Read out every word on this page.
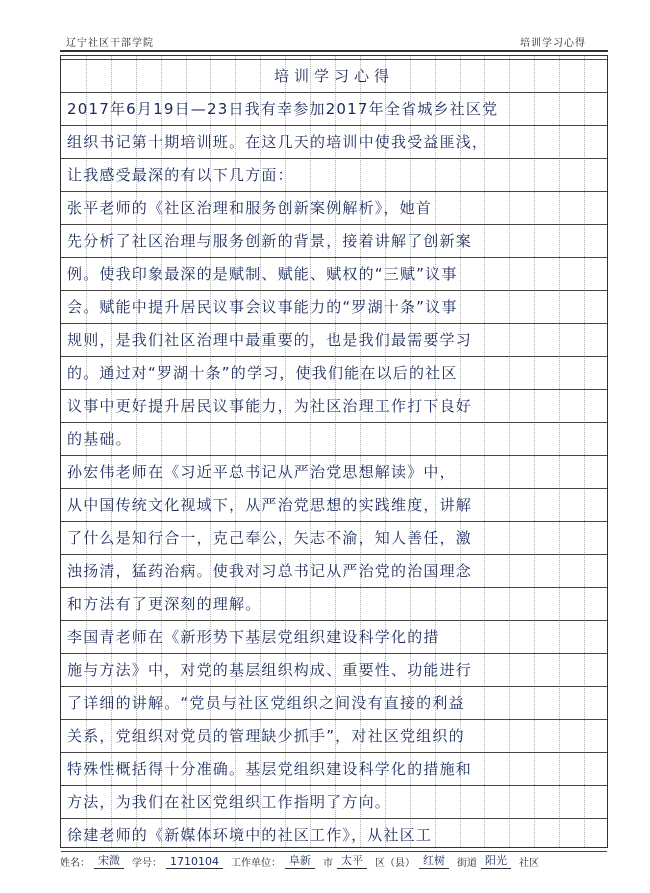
辽宁社区干部学院	培训学习心得
培训学习心得
2017年6月19日—23日我有幸参加2017年全省城乡社区党
组织书记第十期培训班。在这几天的培训中使我受益匪浅，
让我感受最深的有以下几方面：
张平老师的《社区治理和服务创新案例解析》，她首
先分析了社区治理与服务创新的背景，接着讲解了创新案
例。使我印象最深的是赋制、赋能、赋权的“三赋”议事
会。赋能中提升居民议事会议事能力的“罗湖十条”议事
规则，是我们社区治理中最重要的，也是我们最需要学习
的。通过对“罗湖十条”的学习，使我们能在以后的社区
议事中更好提升居民议事能力，为社区治理工作打下良好
的基础。
孙宏伟老师在《习近平总书记从严治党思想解读》中，
从中国传统文化视域下，从严治党思想的实践维度，讲解
了什么是知行合一，克己奉公，矢志不渝，知人善任，激
浊扬清，猛药治病。使我对习总书记从严治党的治国理念
和方法有了更深刻的理解。
李国青老师在《新形势下基层党组织建设科学化的措
施与方法》中，对党的基层组织构成、重要性、功能进行
了详细的讲解。“党员与社区党组织之间没有直接的利益
关系，党组织对党员的管理缺少抓手”，对社区党组织的
特殊性概括得十分准确。基层党组织建设科学化的措施和
方法，为我们在社区党组织工作指明了方向。
徐建老师的《新媒体环境中的社区工作》，从社区工
姓名： 宋溦	学号： 1710104	工作单位： 阜新	市 太平	区（县） 红树	街道 阳光	社区
